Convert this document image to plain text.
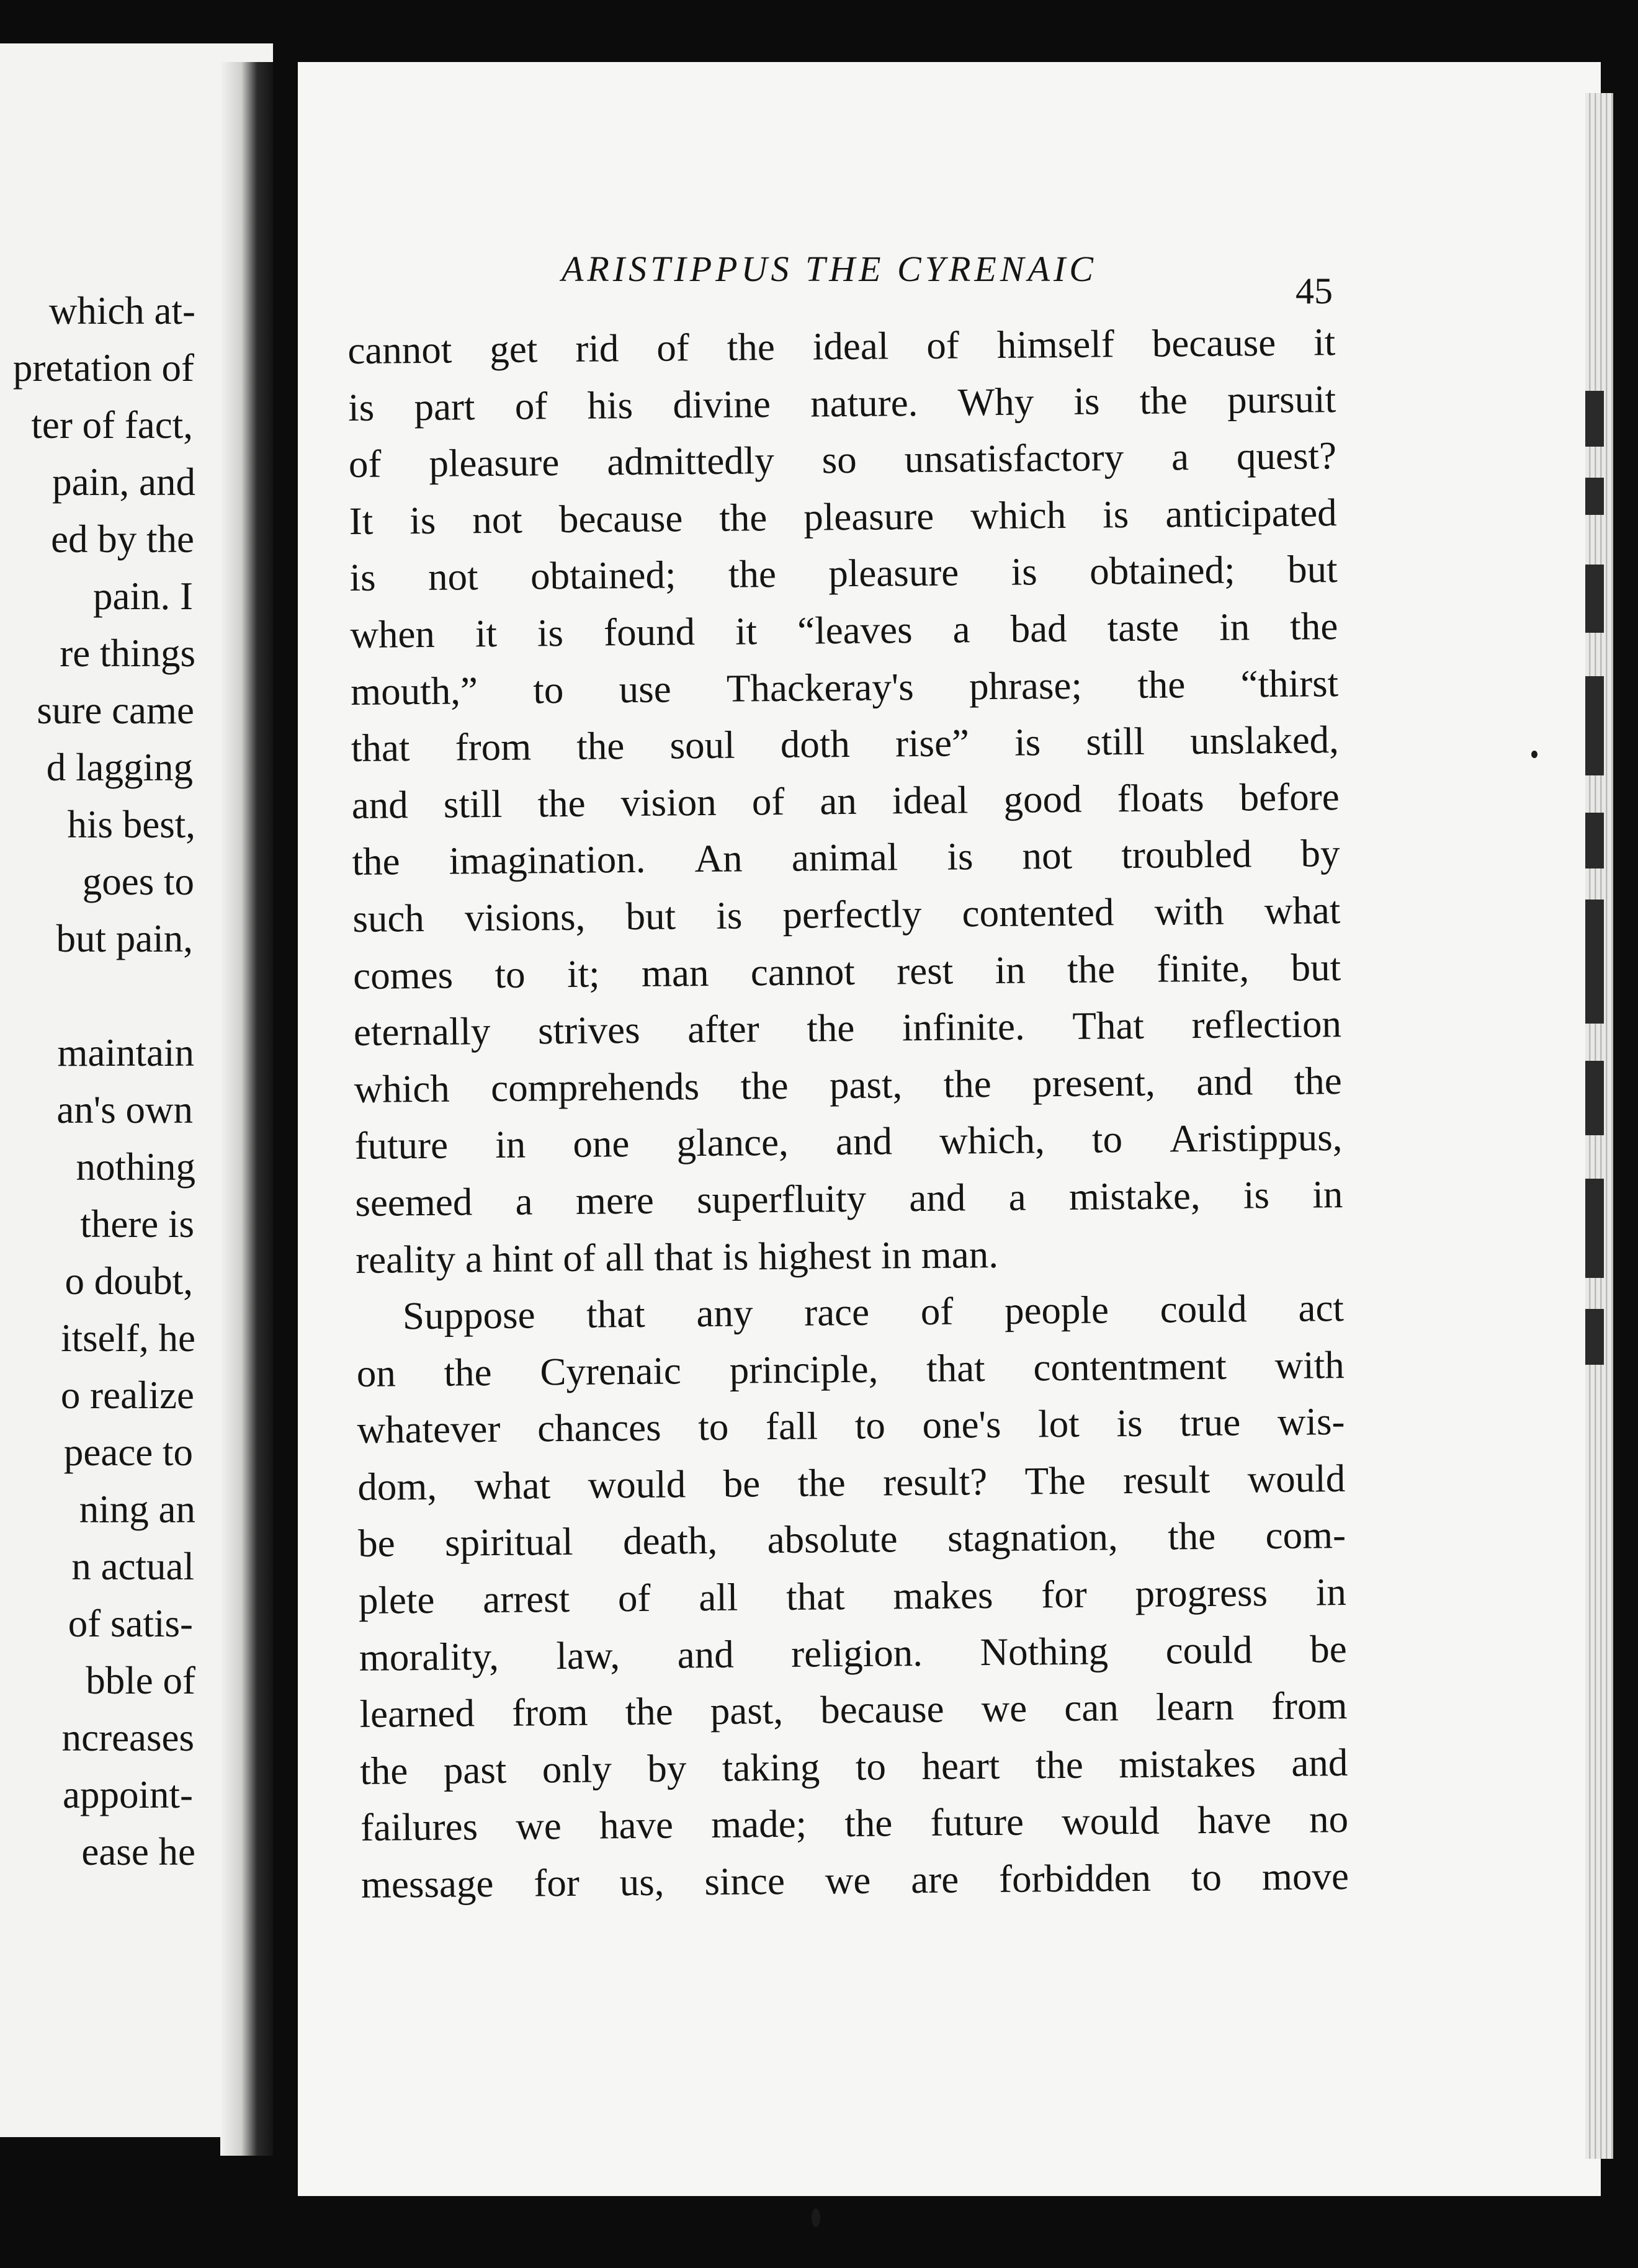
which at-
pretation of
ter of fact,
pain, and
ed by the
pain. I
re things
sure came
d lagging
his best,
goes to
but pain,
maintain
an's own
nothing
there is
o doubt,
itself, he
o realize
peace to
ning an
n actual
of satis-
bble of
ncreases
appoint-
ease he
ARISTIPPUS THE CYRENAIC
45
cannot get rid of the ideal of himself because it
is part of his divine nature. Why is the pursuit
of pleasure admittedly so unsatisfactory a quest?
It is not because the pleasure which is anticipated
is not obtained; the pleasure is obtained; but
when it is found it “leaves a bad taste in the
mouth,” to use Thackeray's phrase; the “thirst
that from the soul doth rise” is still unslaked,
and still the vision of an ideal good floats before
the imagination. An animal is not troubled by
such visions, but is perfectly contented with what
comes to it; man cannot rest in the finite, but
eternally strives after the infinite. That reflection
which comprehends the past, the present, and the
future in one glance, and which, to Aristippus,
seemed a mere superfluity and a mistake, is in
reality a hint of all that is highest in man.
Suppose that any race of people could act
on the Cyrenaic principle, that contentment with
whatever chances to fall to one's lot is true wis-
dom, what would be the result? The result would
be spiritual death, absolute stagnation, the com-
plete arrest of all that makes for progress in
morality, law, and religion. Nothing could be
learned from the past, because we can learn from
the past only by taking to heart the mistakes and
failures we have made; the future would have no
message for us, since we are forbidden to move
